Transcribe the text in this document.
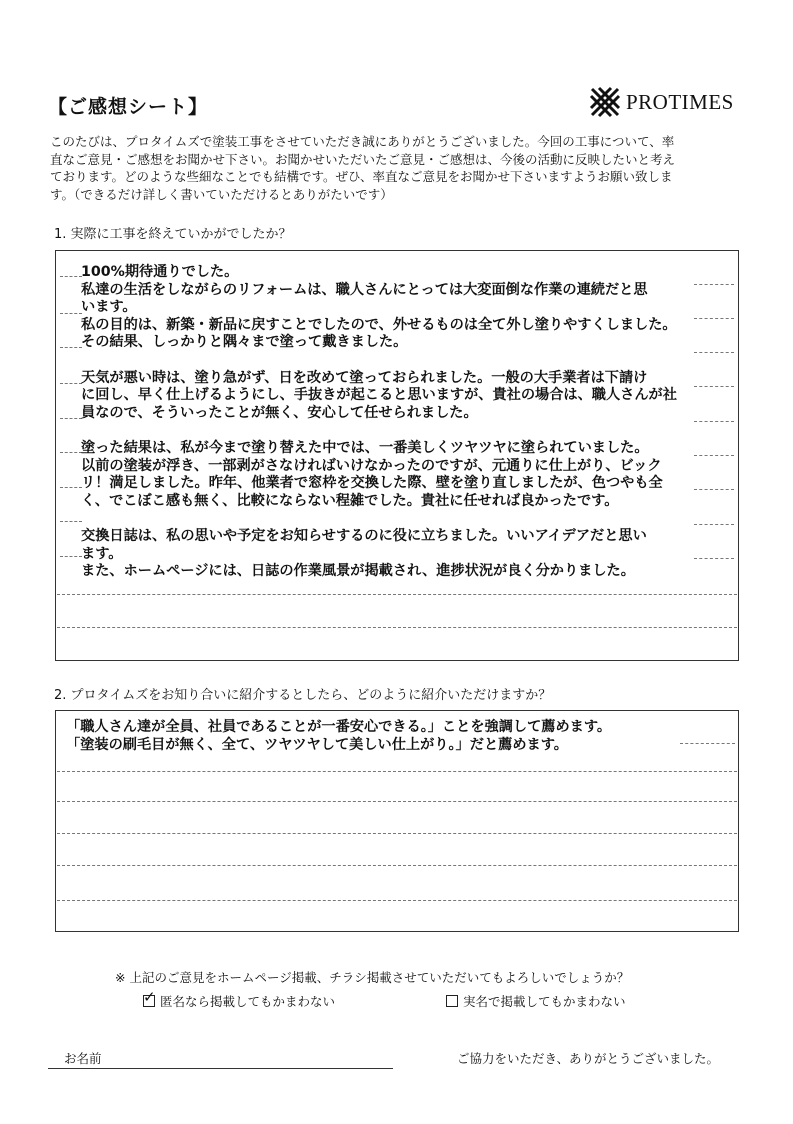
【ご感想シート】	PROTIMES
このたびは、プロタイムズで塗装工事をさせていただき誠にありがとうございました。今回の工事について、率
直なご意見・ご感想をお聞かせ下さい。お聞かせいただいたご意見・ご感想は、今後の活動に反映したいと考え
ております。どのような些細なことでも結構です。ぜひ、率直なご意見をお聞かせ下さいますようお願い致しま
す。（できるだけ詳しく書いていただけるとありがたいです）
1. 実際に工事を終えていかがでしたか？
100%期待通りでした。
私達の生活をしながらのリフォームは、職人さんにとっては大変面倒な作業の連続だと思
います。
私の目的は、新築・新品に戻すことでしたので、外せるものは全て外し塗りやすくしました。
その結果、しっかりと隅々まで塗って戴きました。
天気が悪い時は、塗り急がず、日を改めて塗っておられました。一般の大手業者は下請け
に回し、早く仕上げるようにし、手抜きが起こると思いますが、貴社の場合は、職人さんが社
員なので、そういったことが無く、安心して任せられました。
塗った結果は、私が今まで塗り替えた中では、一番美しくツヤツヤに塗られていました。
以前の塗装が浮き、一部剥がさなければいけなかったのですが、元通りに仕上がり、ビック
リ！満足しました。昨年、他業者で窓枠を交換した際、壁を塗り直しましたが、色つやも全
く、でこぼこ感も無く、比較にならない程雑でした。貴社に任せれば良かったです。
交換日誌は、私の思いや予定をお知らせするのに役に立ちました。いいアイデアだと思い
ます。
また、ホームページには、日誌の作業風景が掲載され、進捗状況が良く分かりました。
2. プロタイムズをお知り合いに紹介するとしたら、どのように紹介いただけますか？
「職人さん達が全員、社員であることが一番安心できる。」ことを強調して薦めます。
「塗装の刷毛目が無く、全て、ツヤツヤして美しい仕上がり。」だと薦めます。
※ 上記のご意見をホームページ掲載、チラシ掲載させていただいてもよろしいでしょうか？
✓ 匿名なら掲載してもかまわない	実名で掲載してもかまわない
お名前	ご協力をいただき、ありがとうございました。
